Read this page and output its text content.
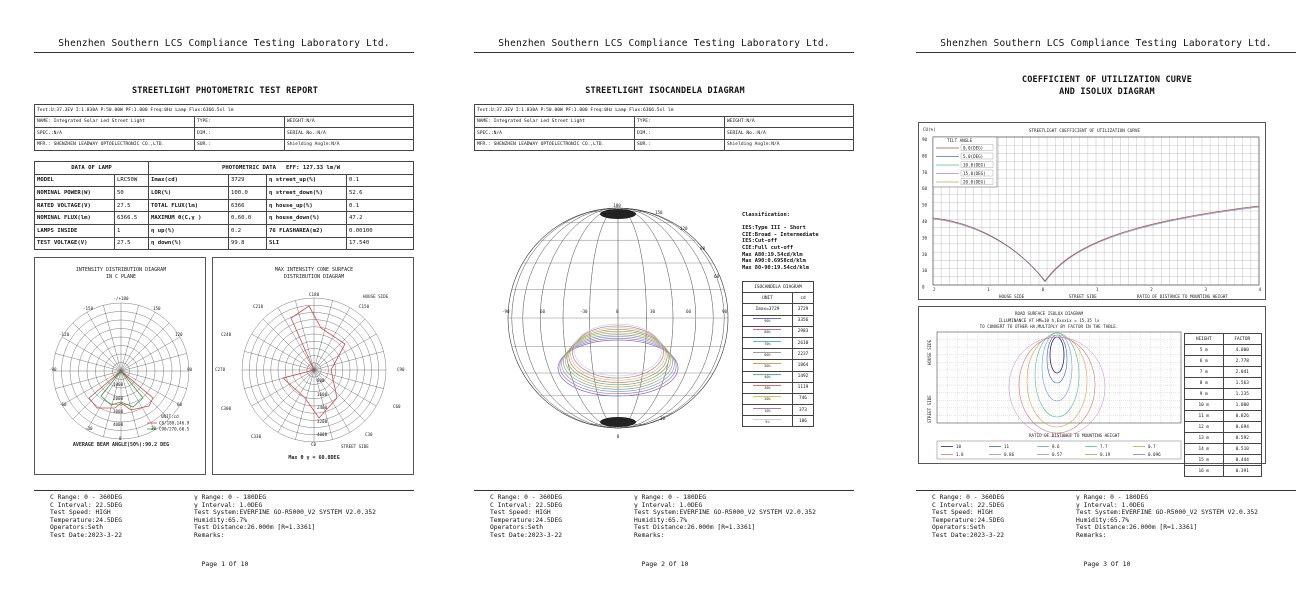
Shenzhen Southern LCS Compliance Testing Laboratory Ltd.
STREETLIGHT PHOTOMETRIC TEST REPORT
Test:U:37.3EV I:1.830A P:50.00W PF:1.000 Freq:0Hz Lamp Flux:6366.5xl lm		
NAME: Integrated Solar Led Street Light	TYPE:	WEIGHT:N/A
SPEC.:N/A	DIM.:	SERIAL No.:N/A
MFR.: SHENZHEN LEADWAY OPTOELECTRONIC CO.,LTD.	SUR.:	Shielding Angle:N/A
DATA OF LAMP		PHOTOMETRIC DATA EFF: 127.33 lm/W			
MODEL	LRC50W	Imax(cd)	3729	η street_up(%)	0.1
NOMINAL POWER(W)	50	LOR(%)	100.0	η street_down(%)	52.6
RATED VOLTAGE(V)	27.5	TOTAL FLUX(lm)	6366	η house_up(%)	0.1
NOMINAL FLUX(lm)	6366.5	MAXIMUM θ(C,γ )	0,60.0	η house_down(%)	47.2
LAMPS INSIDE	1	η up(%)	0.2	76 FLASHAREA(m2)	0.00100
TEST VOLTAGE(V)	27.5	η down(%)	99.8	SLI	17.540
INTENSITY DISTRIBUTION DIAGRAM
IN C PLANE
-/+180
-150	150
-120	120
-90	90
-60	60
-30	30
0
1000
2000
3000
4000
UNIT:cd
C0/180,146.9
C90/270,60.5
AVERAGE BEAM ANGLE(50%):90.2 DEG
MAX INTENSITY CONE SURFACE
DISTRIBUTION DIAGRAM
HOUSE SIDE
STREET SIDE
C180
C150
C210
C240
C270	C90
C300	C60
C330
C0
C30
800
1600
2400
3200
4000
Max θ γ = 60.0DEG
C Range: 0 - 360DEG
C Interval: 22.5DEG
Test Speed: HIGH
Temperature:24.5DEG
Operators:Seth
Test Date:2023-3-22
γ Range: 0 - 180DEG
γ Interval: 1.0DEG
Test System:EVERFINE GO-R5000_V2 SYSTEM V2.0.352
Humidity:65.7%
Test Distance:26.000m [R=1.3361]
Remarks:
Page 1 Of 10
Shenzhen Southern LCS Compliance Testing Laboratory Ltd.
STREETLIGHT ISOCANDELA DIAGRAM
Test:U:37.3EV I:1.830A P:50.00W PF:1.000 Freq:0Hz Lamp Flux:6366.5xl lm		
NAME: Integrated Solar Led Street Light	TYPE:	WEIGHT:N/A
SPEC.:N/A	DIM.:	SERIAL No.:N/A
MFR.: SHENZHEN LEADWAY OPTOELECTRONIC CO.,LTD.	SUR.:	Shielding Angle:N/A
180
150
120
90
60
30
0
-90	60	-30	0	30	60	90
Classification:

IES:Type III - Short
CIE:Broad - Intermediate
IES:Cut-off
CIE:Full cut-off
Max A80:19.54cd/klm
Max A90:0.6958cd/klm
Max 80-90:19.54cd/klm
ISOCANDELA DIAGRAM	
UNIT	cd
Imax=3729	3729

90%	3356

80%	2983

70%	2610

60%	2237

50%	1864

40%	1492

30%	1119

20%	746

10%	373

5%	186
C Range: 0 - 360DEG
C Interval: 22.5DEG
Test Speed: HIGH
Temperature:24.5DEG
Operators:Seth
Test Date:2023-3-22
γ Range: 0 - 180DEG
γ Interval: 1.0DEG
Test System:EVERFINE GO-R5000_V2 SYSTEM V2.0.352
Humidity:65.7%
Test Distance:26.000m [R=1.3361]
Remarks:
Page 2 Of 10
Shenzhen Southern LCS Compliance Testing Laboratory Ltd.
COEFFICIENT OF UTILIZATION CURVE
AND ISOLUX DIAGRAM
CU(%)	STREETLIGHT COEFFICIENT OF UTILIZATION CURVE
TILT ANGLE
0.0(DEG)
5.0(DEG)
10.0(DEG)
15.0(DEG)
20.0(DEG)
90
80
70
60
50
40
30
20
10
0 2	1	0	1	2	3	4
HOUSE SIDE	STREET SIDE	RATIO OF DISTANCE TO MOUNTING HEIGHT
ROAD SURFACE ISOLUX DIAGRAM
ILLUMINANCE AT HM=10 h,ExxxLx = 15.35 lx
TO CONVERT TO OTHER HA,MULTIPLY BY FACTOR IN THE TABLE.
STREET SIDE
HOUSE SIDE
RATIO OF DISTANCE TO MOUNTING HEIGHT
10	11	8.6	7.7	0.7
1.8	0.86	0.57	0.19	0.096
HEIGHT	FACTOR
5 m	4.000
6 m	2.778
7 m	2.041
8 m	1.563
9 m	1.235
10 m	1.000
11 m	0.826
12 m	0.694
13 m	0.592
14 m	0.510
15 m	0.444
16 m	0.391
C Range: 0 - 360DEG
C Interval: 22.5DEG
Test Speed: HIGH
Temperature:24.5DEG
Operators:Seth
Test Date:2023-3-22
γ Range: 0 - 180DEG
γ Interval: 1.0DEG
Test System:EVERFINE GO-R5000_V2 SYSTEM V2.0.352
Humidity:65.7%
Test Distance:26.000m [R=1.3361]
Remarks:
Page 3 Of 10
